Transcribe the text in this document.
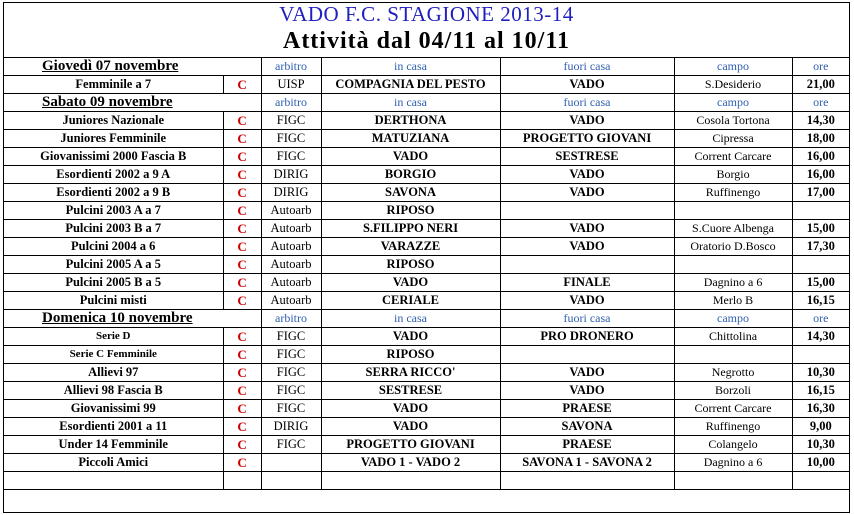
VADO F.C. STAGIONE 2013-14
Attività dal 04/11 al 10/11
Giovedì 07 novembre		arbitro	in casa	fuori casa	campo	ore
Femminile a 7	C	UISP	COMPAGNIA DEL PESTO	VADO	S.Desiderio	21,00
Sabato 09 novembre		arbitro	in casa	fuori casa	campo	ore
Juniores Nazionale	C	FIGC	DERTHONA	VADO	Cosola Tortona	14,30
Juniores Femminile	C	FIGC	MATUZIANA	PROGETTO GIOVANI	Cipressa	18,00
Giovanissimi 2000 Fascia B	C	FIGC	VADO	SESTRESE	Corrent Carcare	16,00
Esordienti 2002 a 9 A	C	DIRIG	BORGIO	VADO	Borgio	16,00
Esordienti 2002 a 9 B	C	DIRIG	SAVONA	VADO	Ruffinengo	17,00
Pulcini 2003 A a 7	C	Autoarb	RIPOSO			
Pulcini 2003 B a 7	C	Autoarb	S.FILIPPO NERI	VADO	S.Cuore Albenga	15,00
Pulcini 2004 a 6	C	Autoarb	VARAZZE	VADO	Oratorio D.Bosco	17,30
Pulcini 2005 A a 5	C	Autoarb	RIPOSO			
Pulcini 2005 B a 5	C	Autoarb	VADO	FINALE	Dagnino a 6	15,00
Pulcini misti	C	Autoarb	CERIALE	VADO	Merlo B	16,15
Domenica 10 novembre		arbitro	in casa	fuori casa	campo	ore
Serie D	C	FIGC	VADO	PRO DRONERO	Chittolina	14,30
Serie C Femminile	C	FIGC	RIPOSO			
Allievi 97	C	FIGC	SERRA RICCO'	VADO	Negrotto	10,30
Allievi 98 Fascia B	C	FIGC	SESTRESE	VADO	Borzoli	16,15
Giovanissimi 99	C	FIGC	VADO	PRAESE	Corrent Carcare	16,30
Esordienti 2001 a 11	C	DIRIG	VADO	SAVONA	Ruffinengo	9,00
Under 14 Femminile	C	FIGC	PROGETTO GIOVANI	PRAESE	Colangelo	10,30
Piccoli Amici	C		VADO 1 - VADO 2	SAVONA 1 - SAVONA 2	Dagnino a 6	10,00
